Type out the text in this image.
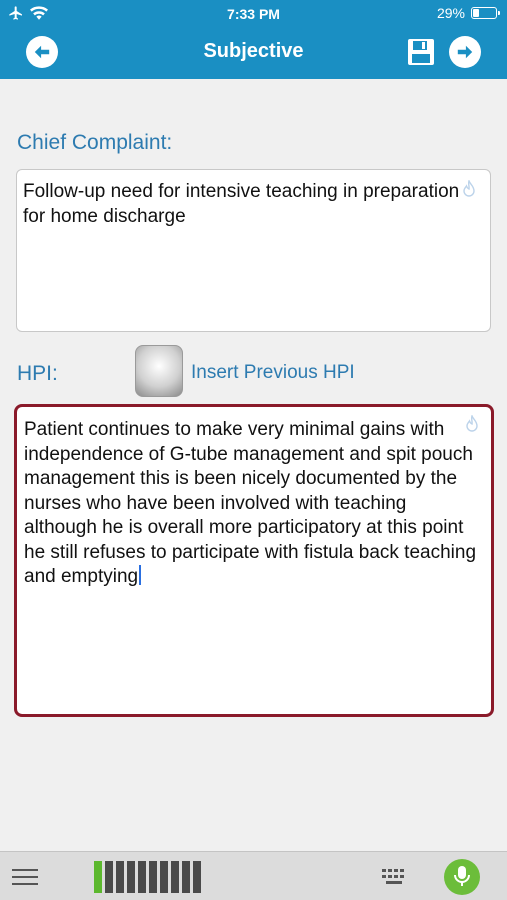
7:33 PM	29%
Subjective
Chief Complaint:
Follow-up need for intensive teaching in preparation for home discharge
HPI:	Insert Previous HPI
Patient continues to make very minimal gains with independence of G-tube management and spit pouch management this is been nicely documented by the nurses who have been involved with teaching although he is overall more participatory at this point he still refuses to participate with fistula back teaching and emptying
